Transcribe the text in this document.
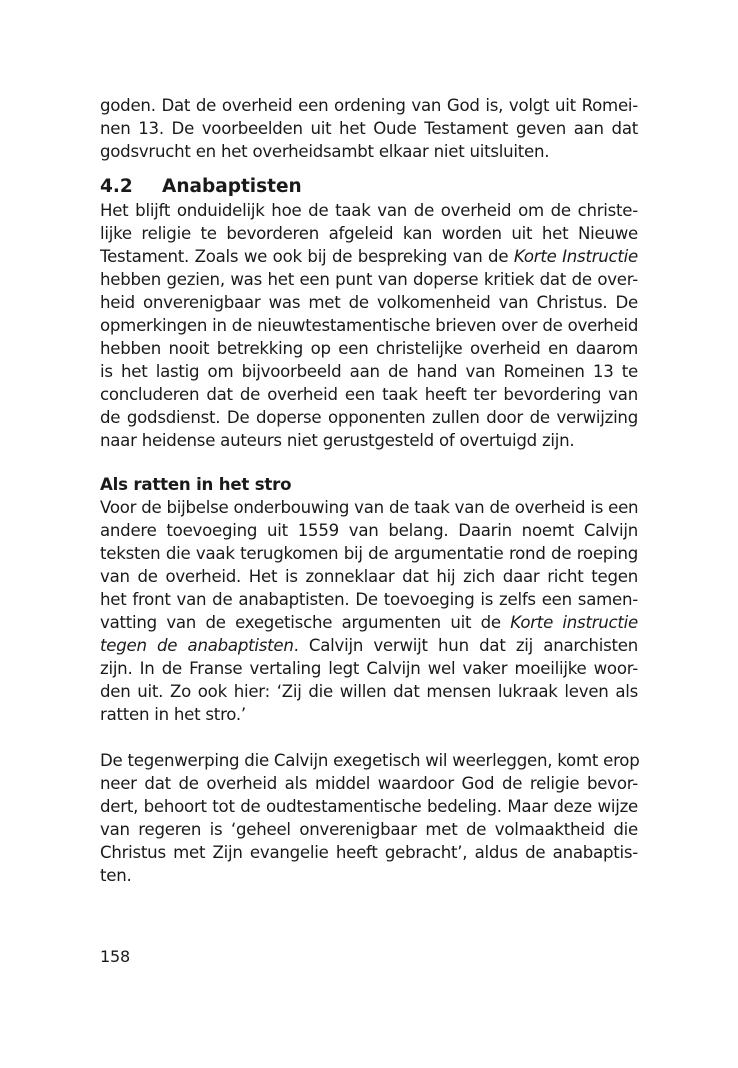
goden. Dat de overheid een ordening van God is, volgt uit Romei-
nen 13. De voorbeelden uit het Oude Testament geven aan dat
godsvrucht en het overheidsambt elkaar niet uitsluiten.
4.2	Anabaptisten
Het blijft onduidelijk hoe de taak van de overheid om de christe-
lijke religie te bevorderen afgeleid kan worden uit het Nieuwe
Testament. Zoals we ook bij de bespreking van de Korte Instructie
hebben gezien, was het een punt van doperse kritiek dat de over-
heid onverenigbaar was met de volkomenheid van Christus. De
opmerkingen in de nieuwtestamentische brieven over de overheid
hebben nooit betrekking op een christelijke overheid en daarom
is het lastig om bijvoorbeeld aan de hand van Romeinen 13 te
concluderen dat de overheid een taak heeft ter bevordering van
de godsdienst. De doperse opponenten zullen door de verwijzing
naar heidense auteurs niet gerustgesteld of overtuigd zijn.
Als ratten in het stro
Voor de bijbelse onderbouwing van de taak van de overheid is een
andere toevoeging uit 1559 van belang. Daarin noemt Calvijn
teksten die vaak terugkomen bij de argumentatie rond de roeping
van de overheid. Het is zonneklaar dat hij zich daar richt tegen
het front van de anabaptisten. De toevoeging is zelfs een samen-
vatting van de exegetische argumenten uit de Korte instructie
tegen de anabaptisten. Calvijn verwijt hun dat zij anarchisten
zijn. In de Franse vertaling legt Calvijn wel vaker moeilijke woor-
den uit. Zo ook hier: ‘Zij die willen dat mensen lukraak leven als
ratten in het stro.’
De tegenwerping die Calvijn exegetisch wil weerleggen, komt erop
neer dat de overheid als middel waardoor God de religie bevor-
dert, behoort tot de oudtestamentische bedeling. Maar deze wijze
van regeren is ‘geheel onverenigbaar met de volmaaktheid die
Christus met Zijn evangelie heeft gebracht’, aldus de anabaptis-
ten.
158
